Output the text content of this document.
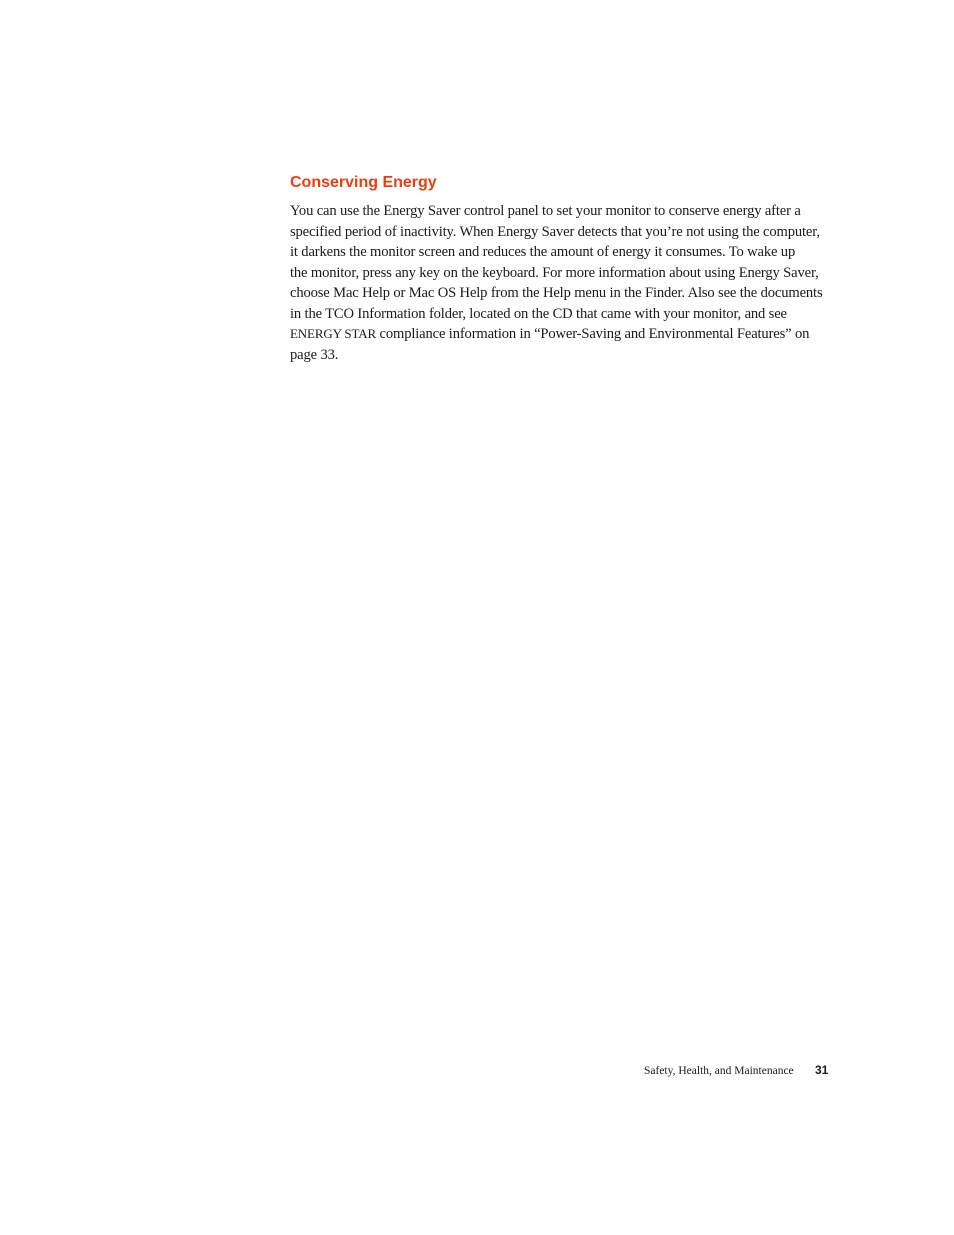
Conserving Energy

You can use the Energy Saver control panel to set your monitor to conserve energy after a
specified period of inactivity. When Energy Saver detects that you’re not using the computer,
it darkens the monitor screen and reduces the amount of energy it consumes. To wake up
the monitor, press any key on the keyboard. For more information about using Energy Saver,
choose Mac Help or Mac OS Help from the Help menu in the Finder. Also see the documents
in the TCO Information folder, located on the CD that came with your monitor, and see
ENERGY STAR compliance information in “Power-Saving and Environmental Features” on
page 33.

Safety, Health, and Maintenance 31
